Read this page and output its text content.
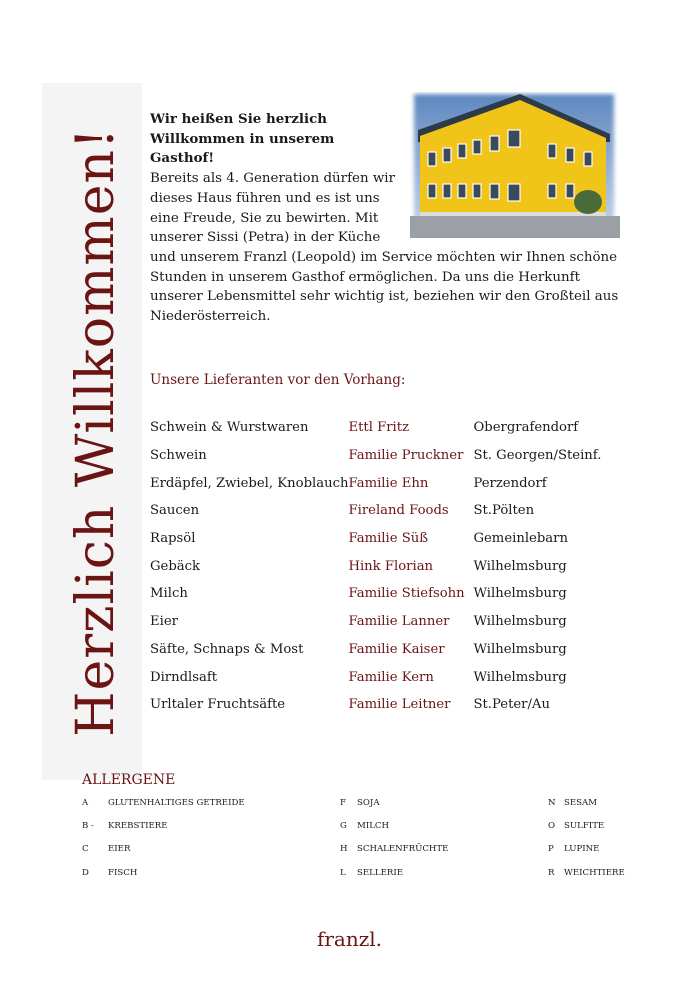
Herzlich Willkommen!
Wir heißen Sie herzlich
Willkommen in unserem Gasthof!
Bereits als 4. Generation dürfen wir dieses Haus führen und es ist uns eine Freude, Sie zu bewirten. Mit unserer Sissi (Petra) in der Küche und unserem Franzl (Leopold) im Service möchten wir Ihnen schöne Stunden in unserem Gasthof ermöglichen. Da uns die Herkunft unserer Lebensmittel sehr wichtig ist, beziehen wir den Großteil aus Niederösterreich.
Unsere Lieferanten vor den Vorhang:
Schwein & Wurstwaren	Ettl Fritz	Obergrafendorf
Schwein	Familie Pruckner	St. Georgen/Steinf.
Erdäpfel, Zwiebel, Knoblauch	Familie Ehn	Perzendorf
Saucen	Fireland Foods	St.Pölten
Rapsöl	Familie Süß	Gemeinlebarn
Gebäck	Hink Florian	Wilhelmsburg
Milch	Familie Stiefsohn	Wilhelmsburg
Eier	Familie Lanner	Wilhelmsburg
Säfte, Schnaps & Most	Familie Kaiser	Wilhelmsburg
Dirndlsaft	Familie Kern	Wilhelmsburg
Urltaler Fruchtsäfte	Familie Leitner	St.Peter/Au
ALLERGENE
A GLUTENHALTIGES GETREIDE
B - KREBSTIERE
C EIER
D FISCH
F SOJA
G MILCH
H SCHALENFRÜCHTE
L SELLERIE
N SESAM
O SULFITE
P LUPINE
R WEICHTIERE
franzl.
